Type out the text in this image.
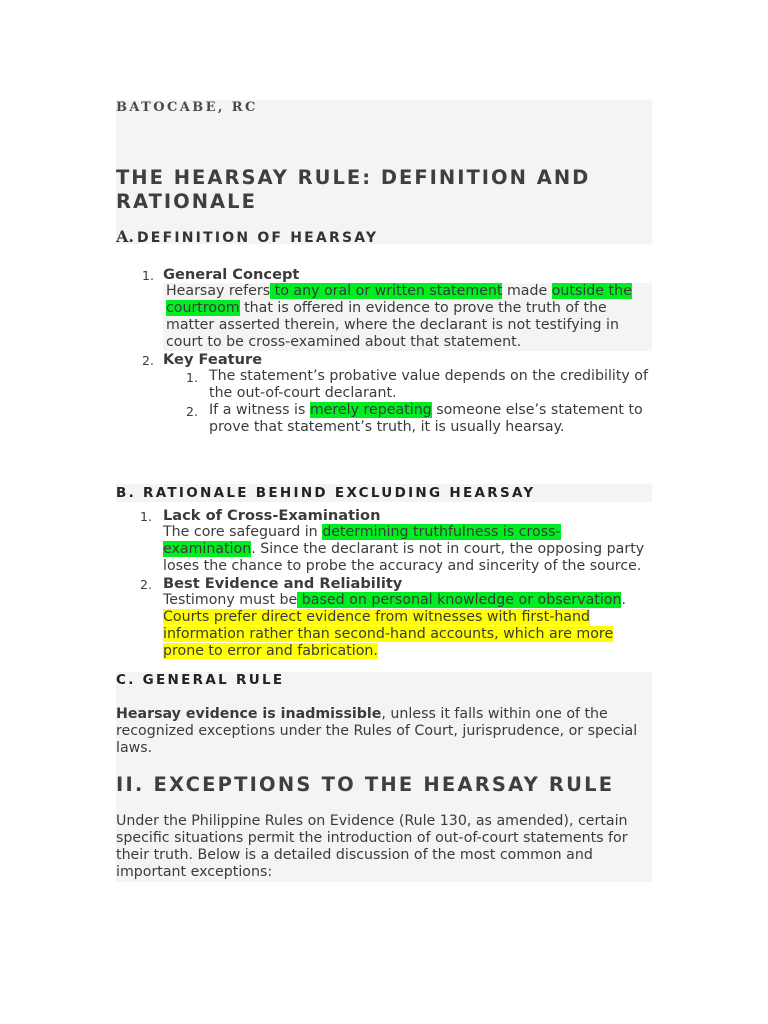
BATOCABE, RC
THE HEARSAY RULE: DEFINITION AND
RATIONALE
A. DEFINITION OF HEARSAY
1. General Concept

Hearsay refers to any oral or written statement made outside the courtroom that is offered in evidence to prove the truth of the matter asserted therein, where the declarant is not testifying in court to be cross-examined about that statement.

2. Key Feature
1. The statement’s probative value depends on the credibility of the out-of-court declarant.

2. If a witness is merely repeating someone else’s statement to prove that statement’s truth, it is usually hearsay.

B. RATIONALE BEHIND EXCLUDING HEARSAY
1. Lack of Cross-Examination

The core safeguard in determining truthfulness is cross-examination. Since the declarant is not in court, the opposing party loses the chance to probe the accuracy and sincerity of the source.

2. Best Evidence and Reliability

Testimony must be based on personal knowledge or observation. Courts prefer direct evidence from witnesses with first-hand information rather than second-hand accounts, which are more prone to error and fabrication.

C. GENERAL RULE

Hearsay evidence is inadmissible, unless it falls within one of the recognized exceptions under the Rules of Court, jurisprudence, or special laws.

II. EXCEPTIONS TO THE HEARSAY RULE

Under the Philippine Rules on Evidence (Rule 130, as amended), certain specific situations permit the introduction of out-of-court statements for their truth. Below is a detailed discussion of the most common and important exceptions:
